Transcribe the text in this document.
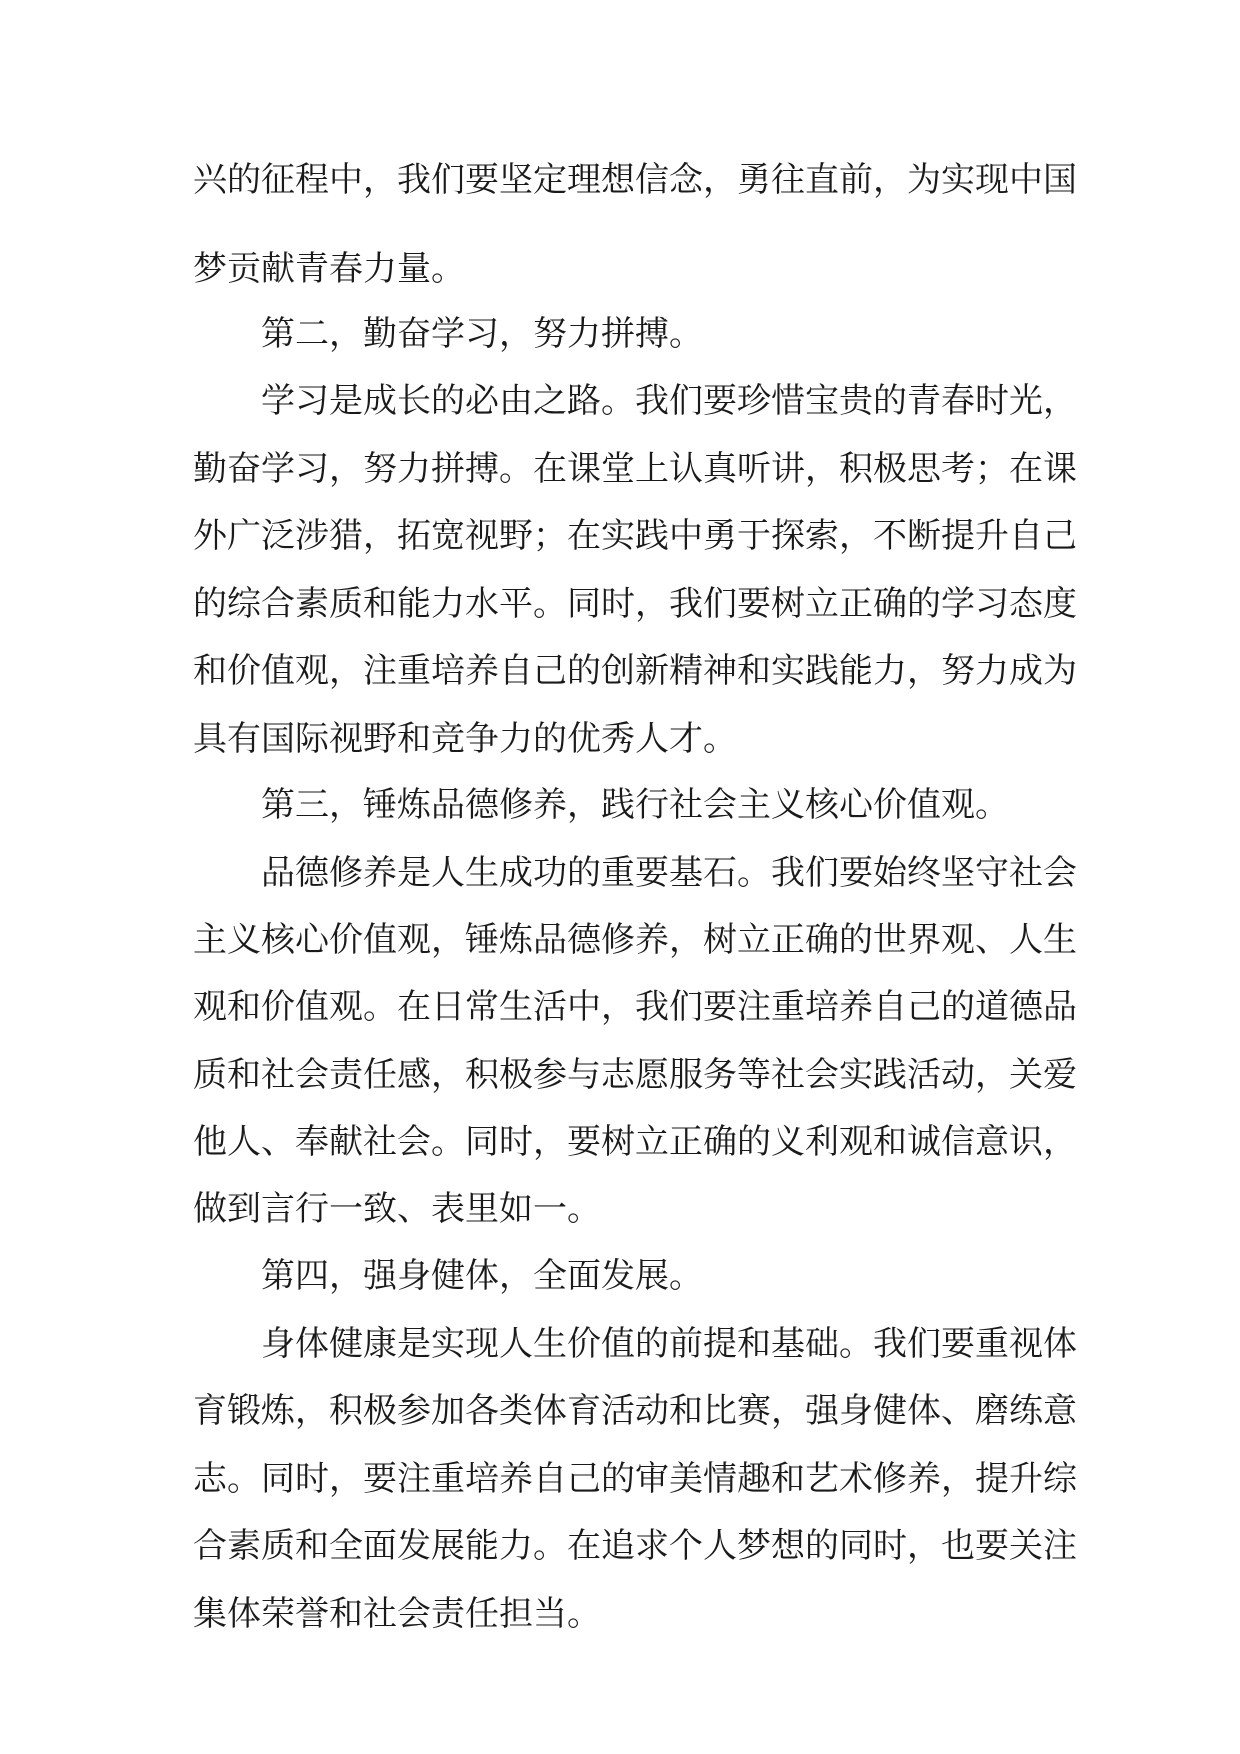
兴的征程中，我们要坚定理想信念，勇往直前，为实现中国
梦贡献青春力量。
第二，勤奋学习，努力拼搏。
学习是成长的必由之路。我们要珍惜宝贵的青春时光，
勤奋学习，努力拼搏。在课堂上认真听讲，积极思考；在课
外广泛涉猎，拓宽视野；在实践中勇于探索，不断提升自己
的综合素质和能力水平。同时，我们要树立正确的学习态度
和价值观，注重培养自己的创新精神和实践能力，努力成为
具有国际视野和竞争力的优秀人才。
第三，锤炼品德修养，践行社会主义核心价值观。
品德修养是人生成功的重要基石。我们要始终坚守社会
主义核心价值观，锤炼品德修养，树立正确的世界观、人生
观和价值观。在日常生活中，我们要注重培养自己的道德品
质和社会责任感，积极参与志愿服务等社会实践活动，关爱
他人、奉献社会。同时，要树立正确的义利观和诚信意识，
做到言行一致、表里如一。
第四，强身健体，全面发展。
身体健康是实现人生价值的前提和基础。我们要重视体
育锻炼，积极参加各类体育活动和比赛，强身健体、磨练意
志。同时，要注重培养自己的审美情趣和艺术修养，提升综
合素质和全面发展能力。在追求个人梦想的同时，也要关注
集体荣誉和社会责任担当。
